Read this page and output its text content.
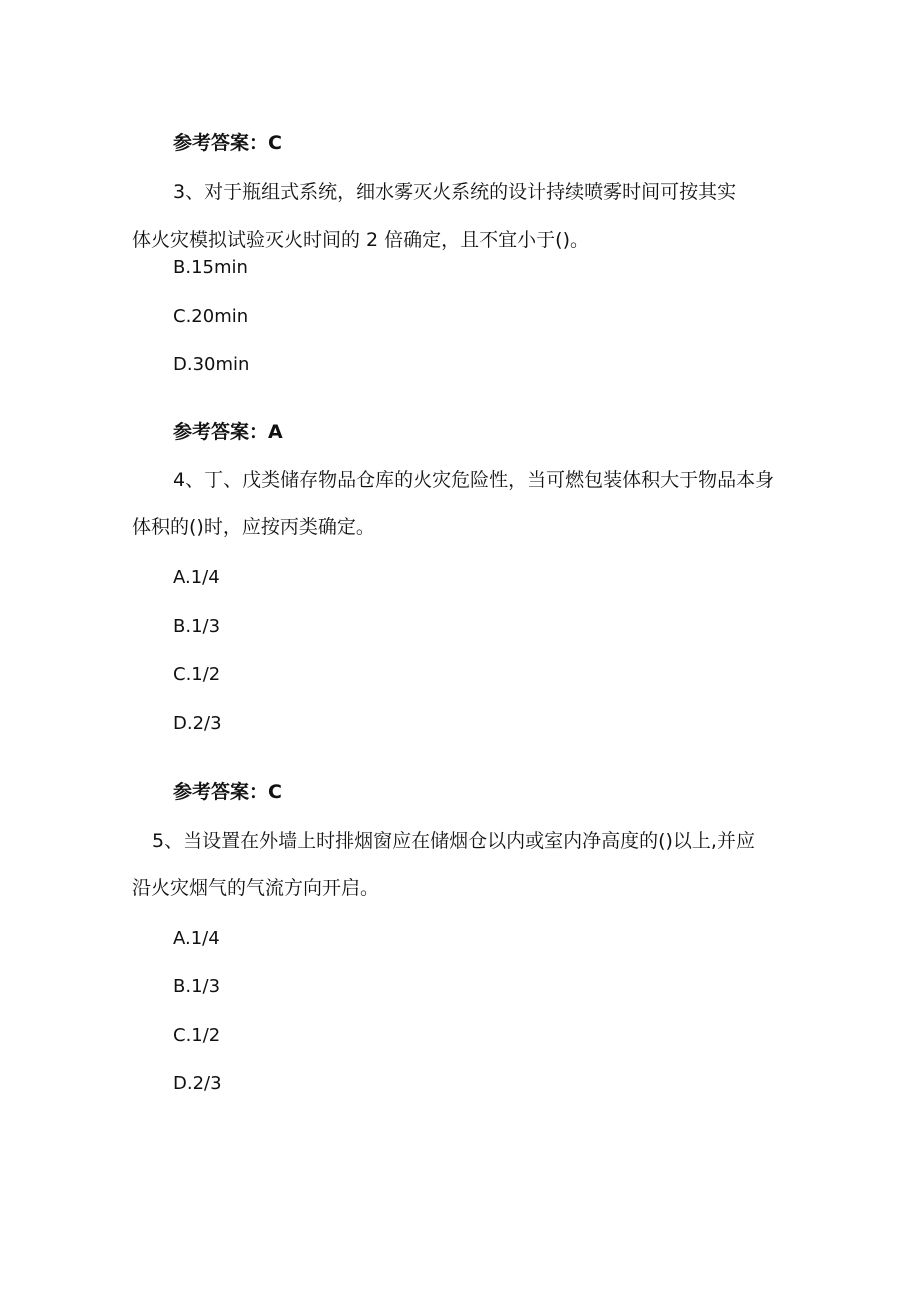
参考答案：C
3、对于瓶组式系统，细水雾灭火系统的设计持续喷雾时间可按其实
体火灾模拟试验灭火时间的 2 倍确定，且不宜小于()。
B.15min
C.20min
D.30min
参考答案：A
4、丁、戊类储存物品仓库的火灾危险性，当可燃包装体积大于物品本身
体积的()时，应按丙类确定。
A.1/4
B.1/3
C.1/2
D.2/3
参考答案：C
5、当设置在外墙上时排烟窗应在储烟仓以内或室内净高度的()以上,并应
沿火灾烟气的气流方向开启。
A.1/4
B.1/3
C.1/2
D.2/3
